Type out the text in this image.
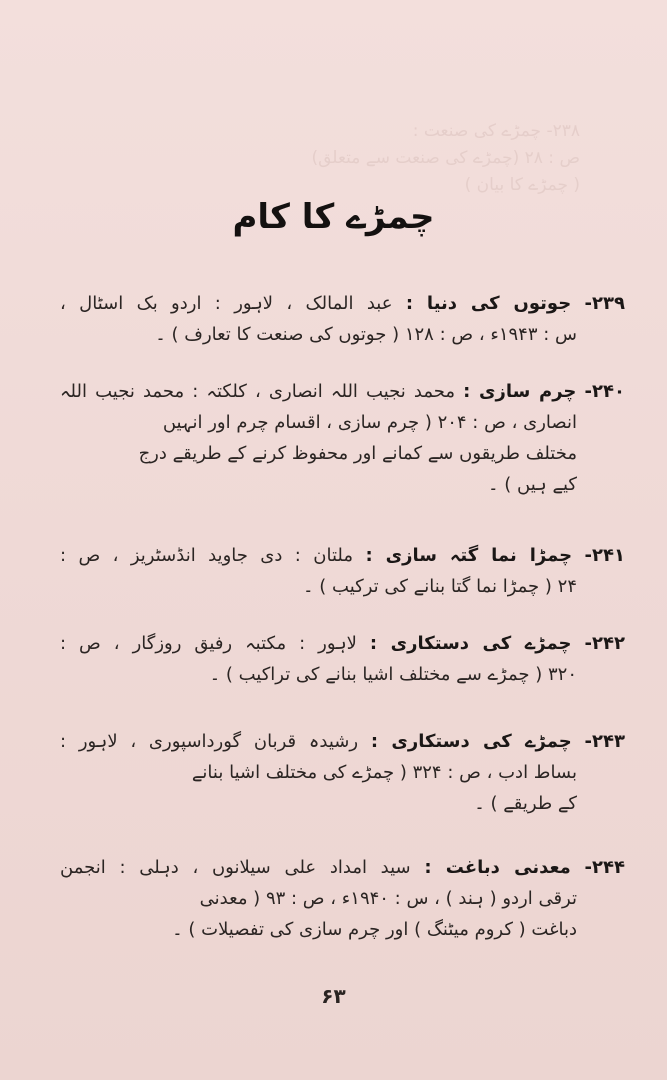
۲۳۸- چمڑے کی صنعت :
ص : ۲۸ (چمڑے کی صنعت سے متعلق)
( چمڑے کا بیان )
چمڑے کا کام
۲۳۹- جوتوں کی دنیا : عبد المالک ، لاہور : اردو بک اسٹال ،
س : ۱۹۴۳ء ، ص : ۱۲۸ ( جوتوں کی صنعت کا تعارف ) ۔
۲۴۰- چرم سازی : محمد نجیب اللہ انصاری ، کلکتہ : محمد نجیب اللہ
انصاری ، ص : ۲۰۴ ( چرم سازی ، اقسام چرم اور انہیں
مختلف طریقوں سے کمانے اور محفوظ کرنے کے طریقے درج
کیے ہیں ) ۔
۲۴۱- چمڑا نما گتہ سازی : ملتان : دی جاوید انڈسٹریز ، ص :
۲۴ ( چمڑا نما گتا بنانے کی ترکیب ) ۔
۲۴۲- چمڑے کی دستکاری : لاہور : مکتبہ رفیق روزگار ، ص :
۳۲۰ ( چمڑے سے مختلف اشیا بنانے کی تراکیب ) ۔
۲۴۳- چمڑے کی دستکاری : رشیدہ قربان گورداسپوری ، لاہور :
بساط ادب ، ص : ۳۲۴ ( چمڑے کی مختلف اشیا بنانے
کے طریقے ) ۔
۲۴۴- معدنی دباغت : سید امداد علی سیلانوں ، دہلی : انجمن
ترقی اردو ( ہند ) ، س : ۱۹۴۰ء ، ص : ۹۳ ( معدنی
دباغت ( کروم میٹنگ ) اور چرم سازی کی تفصیلات ) ۔
۶۳
